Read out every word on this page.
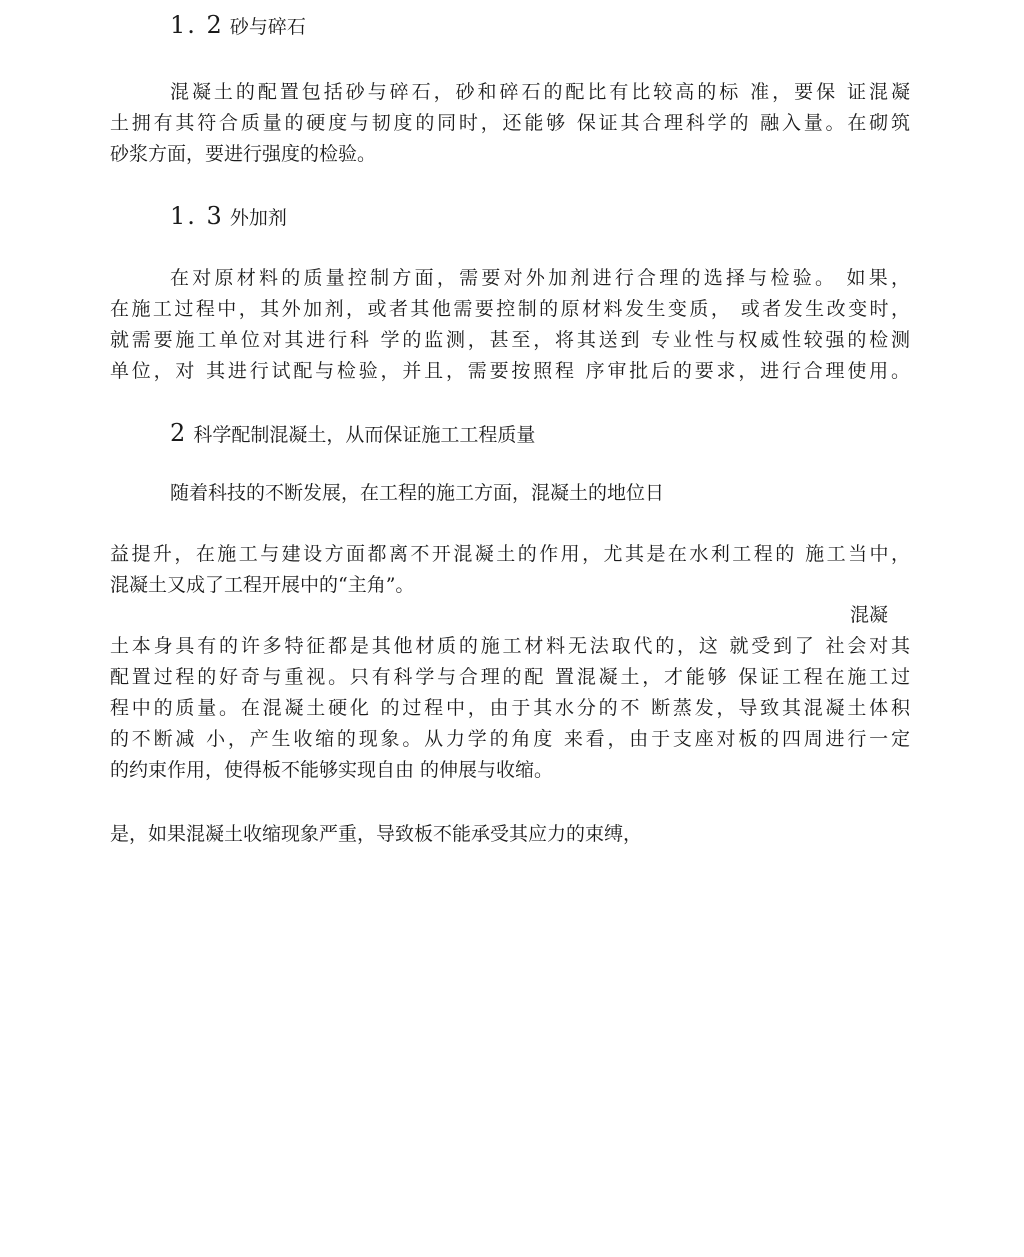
1. 2 砂与碎石
混凝土的配置包括砂与碎石，砂和碎石的配比有比较高的标 准，要保 证混凝
土拥有其符合质量的硬度与韧度的同时，还能够 保证其合理科学的 融入量。在砌筑
砂浆方面，要进行强度的检验。
1. 3 外加剂
在对原材料的质量控制方面，需要对外加剂进行合理的选择与检验。 如果，
在施工过程中，其外加剂，或者其他需要控制的原材料发生变质， 或者发生改变时，
就需要施工单位对其进行科 学的监测，甚至，将其送到 专业性与权威性较强的检测
单位，对 其进行试配与检验，并且，需要按照程 序审批后的要求，进行合理使用。
2 科学配制混凝土，从而保证施工工程质量
随着科技的不断发展，在工程的施工方面，混凝土的地位日
益提升，在施工与建设方面都离不开混凝土的作用，尤其是在水利工程的 施工当中，
混凝土又成了工程开展中的“主角”。

混凝

土本身具有的许多特征都是其他材质的施工材料无法取代的，这 就受到了 社会对其
配置过程的好奇与重视。只有科学与合理的配 置混凝土，才能够 保证工程在施工过
程中的质量。在混凝土硬化 的过程中，由于其水分的不 断蒸发，导致其混凝土体积
的不断减 小，产生收缩的现象。从力学的角度 来看，由于支座对板的四周进行一定
的约束作用，使得板不能够实现自由 的伸展与收缩。
是，如果混凝土收缩现象严重，导致板不能承受其应力的束缚，
